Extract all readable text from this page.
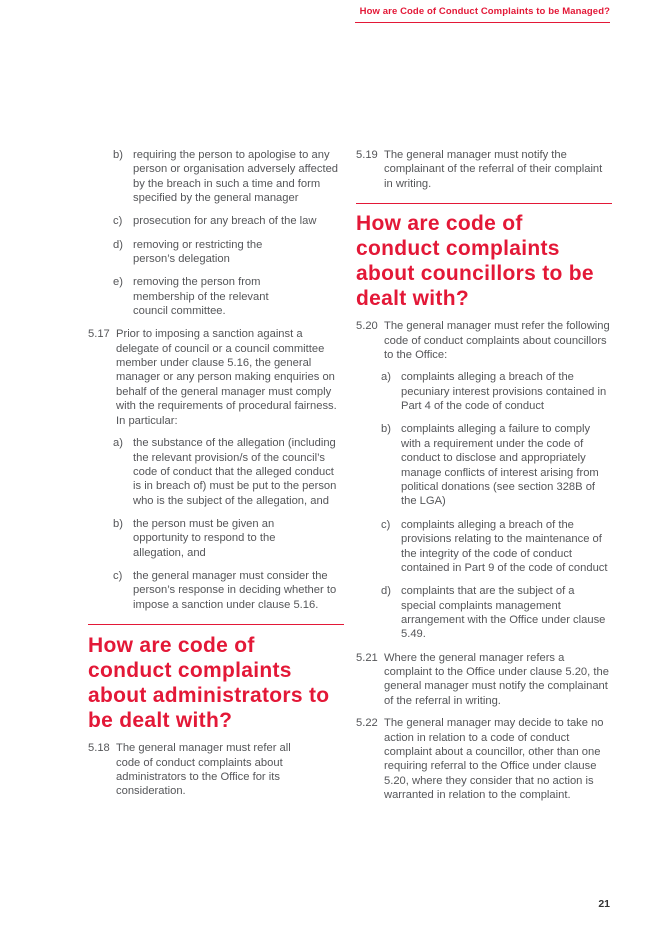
How are Code of Conduct Complaints to be Managed?
b) requiring the person to apologise to any person or organisation adversely affected by the breach in such a time and form specified by the general manager
c) prosecution for any breach of the law
d) removing or restricting the person’s delegation
e) removing the person from membership of the relevant council committee.
5.17 Prior to imposing a sanction against a delegate of council or a council committee member under clause 5.16, the general manager or any person making enquiries on behalf of the general manager must comply with the requirements of procedural fairness. In particular:
a) the substance of the allegation (including the relevant provision/s of the council’s code of conduct that the alleged conduct is in breach of) must be put to the person who is the subject of the allegation, and
b) the person must be given an opportunity to respond to the allegation, and
c) the general manager must consider the person’s response in deciding whether to impose a sanction under clause 5.16.
How are code of conduct complaints about administrators to be dealt with?
5.18 The general manager must refer all code of conduct complaints about administrators to the Office for its consideration.
5.19 The general manager must notify the complainant of the referral of their complaint in writing.
How are code of conduct complaints about councillors to be dealt with?
5.20 The general manager must refer the following code of conduct complaints about councillors to the Office:
a) complaints alleging a breach of the pecuniary interest provisions contained in Part 4 of the code of conduct
b) complaints alleging a failure to comply with a requirement under the code of conduct to disclose and appropriately manage conflicts of interest arising from political donations (see section 328B of the LGA)
c) complaints alleging a breach of the provisions relating to the maintenance of the integrity of the code of conduct contained in Part 9 of the code of conduct
d) complaints that are the subject of a special complaints management arrangement with the Office under clause 5.49.
5.21 Where the general manager refers a complaint to the Office under clause 5.20, the general manager must notify the complainant of the referral in writing.
5.22 The general manager may decide to take no action in relation to a code of conduct complaint about a councillor, other than one requiring referral to the Office under clause 5.20, where they consider that no action is warranted in relation to the complaint.
21
